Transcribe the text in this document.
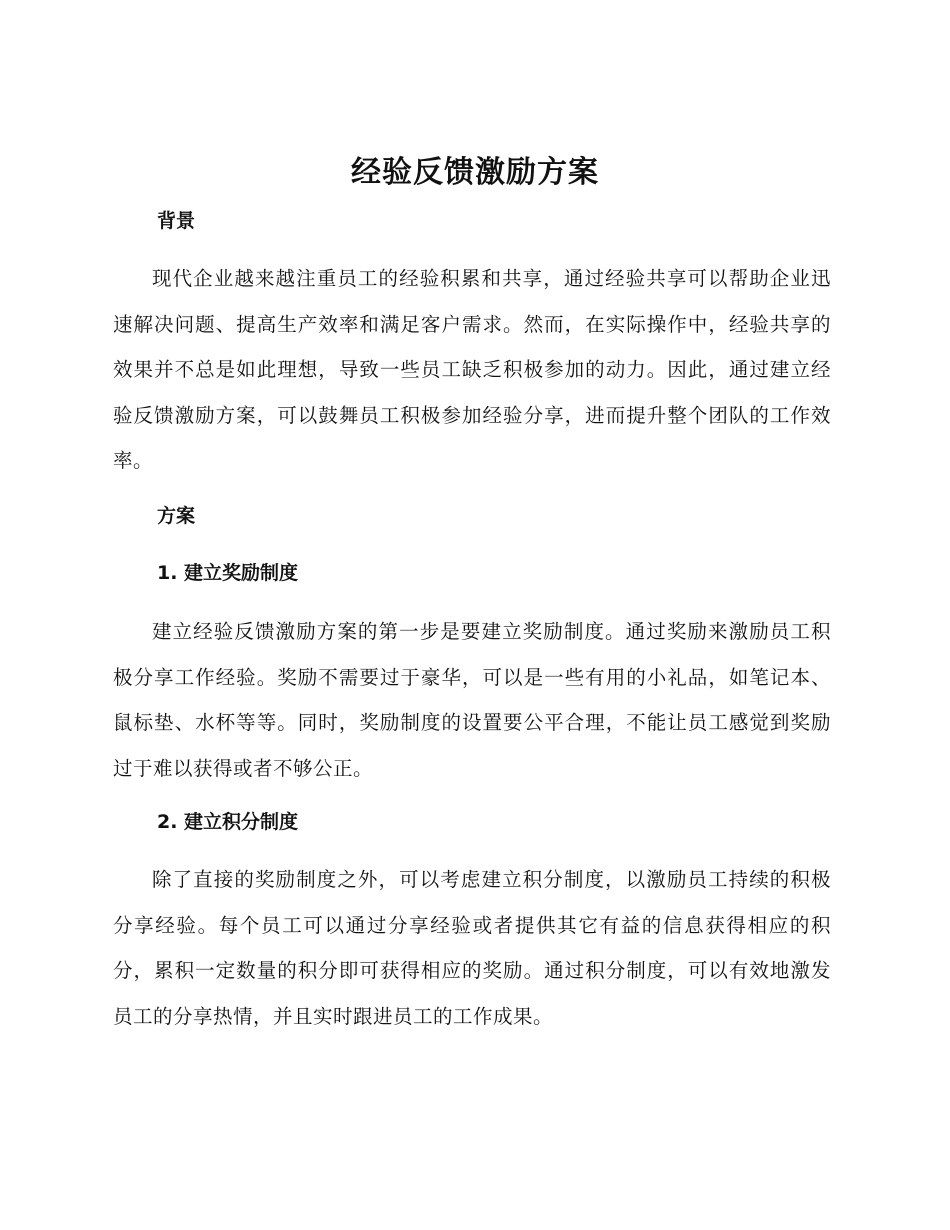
经验反馈激励方案
背景

现代企业越来越注重员工的经验积累和共享，通过经验共享可以帮助企业迅速解决问题、提高生产效率和满足客户需求。然而，在实际操作中，经验共享的效果并不总是如此理想，导致一些员工缺乏积极参加的动力。因此，通过建立经验反馈激励方案，可以鼓舞员工积极参加经验分享，进而提升整个团队的工作效率。

方案
1. 建立奖励制度

建立经验反馈激励方案的第一步是要建立奖励制度。通过奖励来激励员工积极分享工作经验。奖励不需要过于豪华，可以是一些有用的小礼品，如笔记本、鼠标垫、水杯等等。同时，奖励制度的设置要公平合理，不能让员工感觉到奖励过于难以获得或者不够公正。

2. 建立积分制度

除了直接的奖励制度之外，可以考虑建立积分制度，以激励员工持续的积极分享经验。每个员工可以通过分享经验或者提供其它有益的信息获得相应的积分，累积一定数量的积分即可获得相应的奖励。通过积分制度，可以有效地激发员工的分享热情，并且实时跟进员工的工作成果。
